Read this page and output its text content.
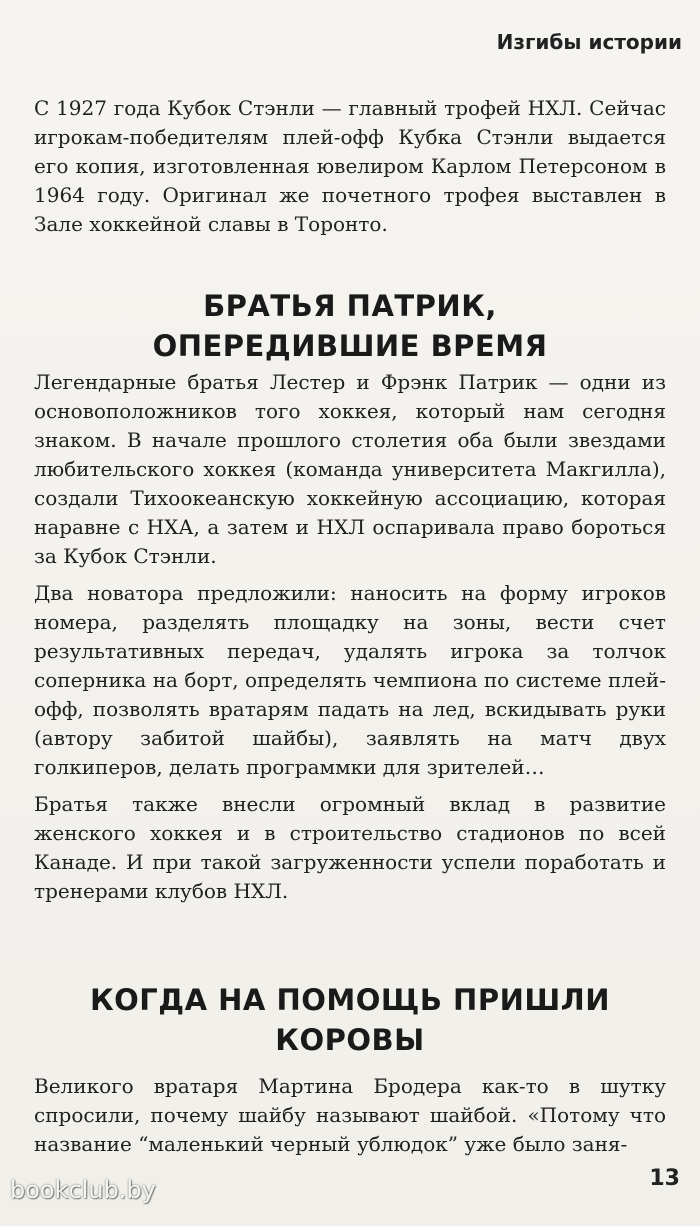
Изгибы истории

С 1927 года Кубок Стэнли — главный трофей НХЛ. Сейчас игрокам-победителям плей-офф Кубка Стэнли выдается его копия, изготовленная ювелиром Карлом Петерсоном в 1964 году. Оригинал же почетного трофея выставлен в Зале хоккейной славы в Торонто.

БРАТЬЯ ПАТРИК,
ОПЕРЕДИВШИЕ ВРЕМЯ

Легендарные братья Лестер и Фрэнк Патрик — одни из основоположников того хоккея, который нам сегодня знаком. В начале прошлого столетия оба были звездами любительского хоккея (команда университета Макгилла), создали Тихоокеанскую хоккейную ассоциацию, которая наравне с НХА, а затем и НХЛ оспаривала право бороться за Кубок Стэнли.

Два новатора предложили: наносить на форму игроков номера, разделять площадку на зоны, вести счет результативных передач, удалять игрока за толчок соперника на борт, определять чемпиона по системе плей-офф, позволять вратарям падать на лед, вскидывать руки (автору забитой шайбы), заявлять на матч двух голкиперов, делать программки для зрителей…

Братья также внесли огромный вклад в развитие женского хоккея и в строительство стадионов по всей Канаде. И при такой загруженности успели поработать и тренерами клубов НХЛ.

КОГДА НА ПОМОЩЬ ПРИШЛИ
КОРОВЫ

Великого вратаря Мартина Бродера как-то в шутку спросили, почему шайбу называют шайбой. «Потому что название “маленький черный ублюдок” уже было заня-

13
bookclub.by
